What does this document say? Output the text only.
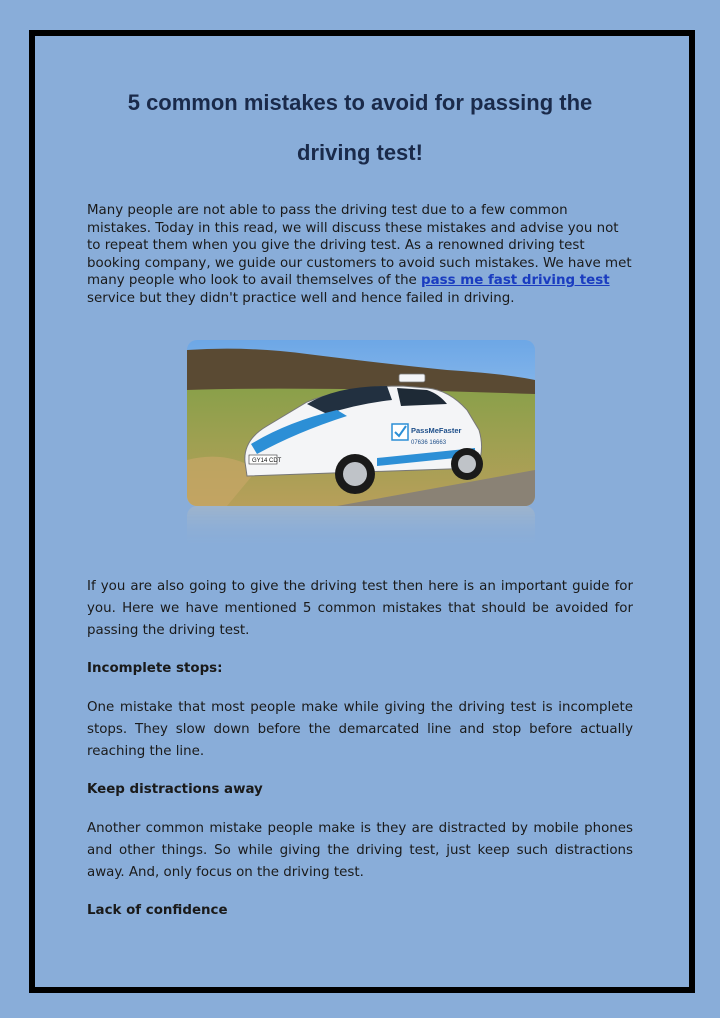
5 common mistakes to avoid for passing the
driving test!

Many people are not able to pass the driving test due to a few common mistakes. Today in this read, we will discuss these mistakes and advise you not to repeat them when you give the driving test. As a renowned driving test booking company, we guide our customers to avoid such mistakes. We have met many people who look to avail themselves of the pass me fast driving test service but they didn't practice well and hence failed in driving.

PassMeFaster
07636 16663
GY14 CDT

If you are also going to give the driving test then here is an important guide for you. Here we have mentioned 5 common mistakes that should be avoided for passing the driving test.

Incomplete stops:

One mistake that most people make while giving the driving test is incomplete stops. They slow down before the demarcated line and stop before actually reaching the line.

Keep distractions away

Another common mistake people make is they are distracted by mobile phones and other things. So while giving the driving test, just keep such distractions away. And, only focus on the driving test.

Lack of confidence
